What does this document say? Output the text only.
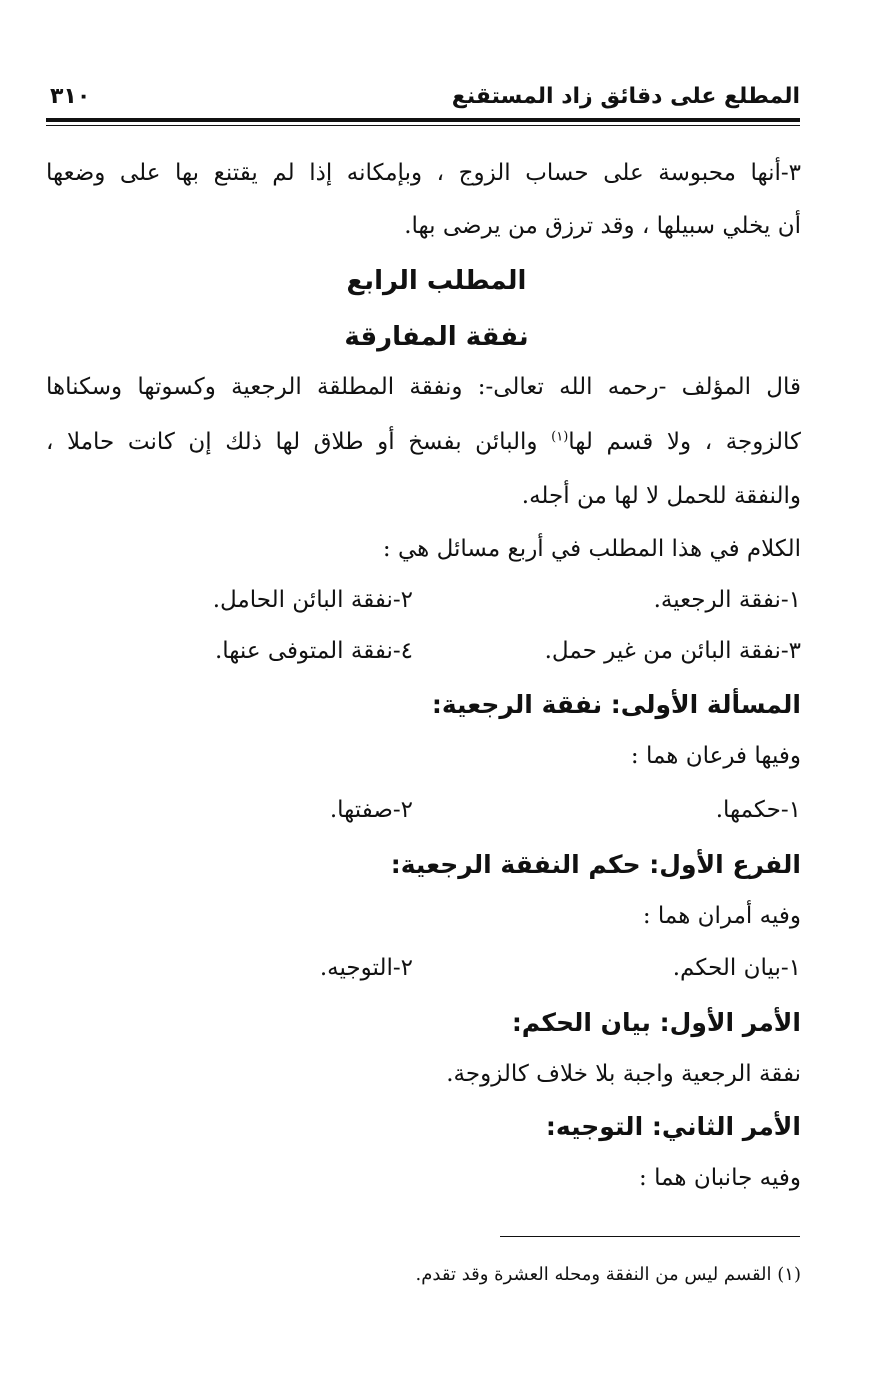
المطلع على دقائق زاد المستقنع
٣١٠
٣-أنها محبوسة على حساب الزوج ، وبإمكانه إذا لم يقتنع بها على وضعها
أن يخلي سبيلها ، وقد ترزق من يرضى بها.
المطلب الرابع
نفقة المفارقة
قال المؤلف -رحمه الله تعالى-: ونفقة المطلقة الرجعية وكسوتها وسكناها
كالزوجة ، ولا قسم لها$^{(١)}$ والبائن بفسخ أو طلاق لها ذلك إن كانت حاملا ،
والنفقة للحمل لا لها من أجله.
الكلام في هذا المطلب في أربع مسائل هي :
١-نفقة الرجعية.
٢-نفقة البائن الحامل.
٣-نفقة البائن من غير حمل.
٤-نفقة المتوفى عنها.
المسألة الأولى: نفقة الرجعية:
وفيها فرعان هما :
١-حكمها.
٢-صفتها.
الفرع الأول: حكم النفقة الرجعية:
وفيه أمران هما :
١-بيان الحكم.
٢-التوجيه.
الأمر الأول: بيان الحكم:
نفقة الرجعية واجبة بلا خلاف كالزوجة.
الأمر الثاني: التوجيه:
وفيه جانبان هما :
(١) القسم ليس من النفقة ومحله العشرة وقد تقدم.
